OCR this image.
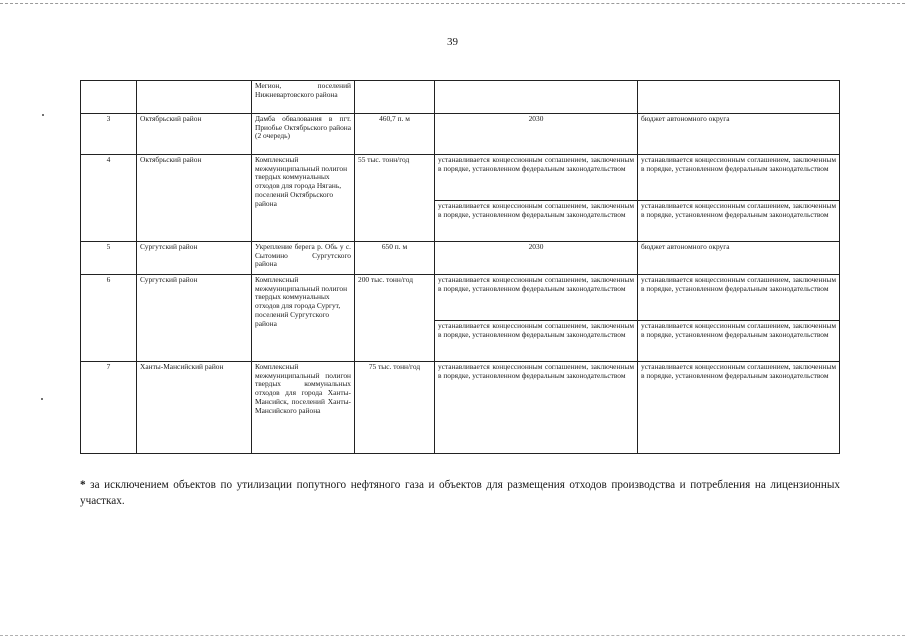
39
		Мегион, поселений Нижневартовского района			
3	Октябрьский район	Дамба обвалования в пгт. Приобье Октябрьского района (2 очередь)	460,7 п. м	2030	бюджет автономного округа
4	Октябрьский район	Комплексный межмуниципальный полигон твердых коммунальных отходов для города Нягань, поселений Октябрьского района	55 тыс. тонн/год	устанавливается концессионным соглашением, заключенным в порядке, установленном федеральным законодательством	устанавливается концессионным соглашением, заключенным в порядке, установленном федеральным законодательством
				устанавливается концессионным соглашением, заключенным в порядке, установленном федеральным законодательством	устанавливается концессионным соглашением, заключенным в порядке, установленном федеральным законодательством
5	Сургутский район	Укрепление берега р. Обь у с. Сытомино Сургутского района	650 п. м	2030	бюджет автономного округа
6	Сургутский район	Комплексный межмуниципальный полигон твердых коммунальных отходов для города Сургут, поселений Сургутского района	200 тыс. тонн/год	устанавливается концессионным соглашением, заключенным в порядке, установленном федеральным законодательством	устанавливается концессионным соглашением, заключенным в порядке, установленном федеральным законодательством
				устанавливается концессионным соглашением, заключенным в порядке, установленном федеральным законодательством	устанавливается концессионным соглашением, заключенным в порядке, установленном федеральным законодательством
7	Ханты-Мансийский район	Комплексный межмуниципальный полигон твердых коммунальных отходов для города Ханты-Мансийск, поселений Ханты-Мансийского района	75 тыс. тонн/год	устанавливается концессионным соглашением, заключенным в порядке, установленном федеральным законодательством	устанавливается концессионным соглашением, заключенным в порядке, установленном федеральным законодательством
* за исключением объектов по утилизации попутного нефтяного газа и объектов для размещения отходов производства и потребления на лицензионных участках.
